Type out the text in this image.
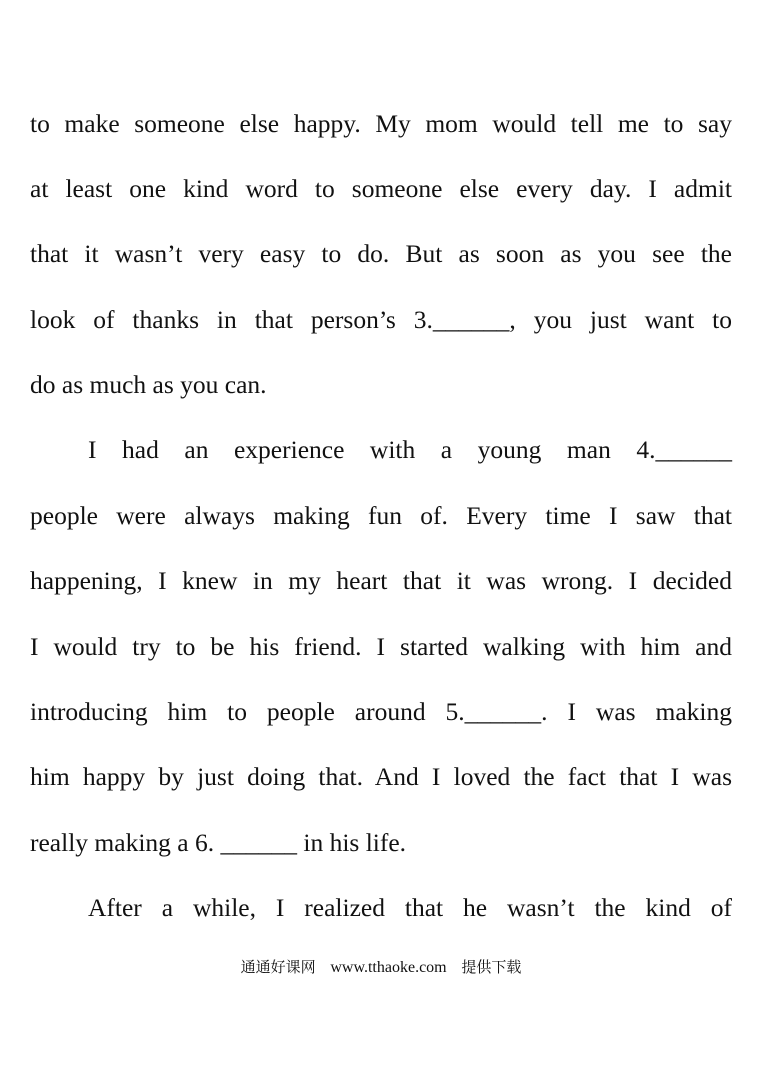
to make someone else happy. My mom would tell me to say
at least one kind word to someone else every day. I admit
that it wasn’t very easy to do. But as soon as you see the
look of thanks in that person’s 3.______, you just want to
do as much as you can.
I had an experience with a young man 4.______
people were always making fun of. Every time I saw that
happening, I knew in my heart that it was wrong. I decided
I would try to be his friend. I started walking with him and
introducing him to people around 5.______. I was making
him happy by just doing that. And I loved the fact that I was
really making a 6. ______ in his life.
After a while, I realized that he wasn’t the kind of
通通好课网 www.tthaoke.com 提供下载
